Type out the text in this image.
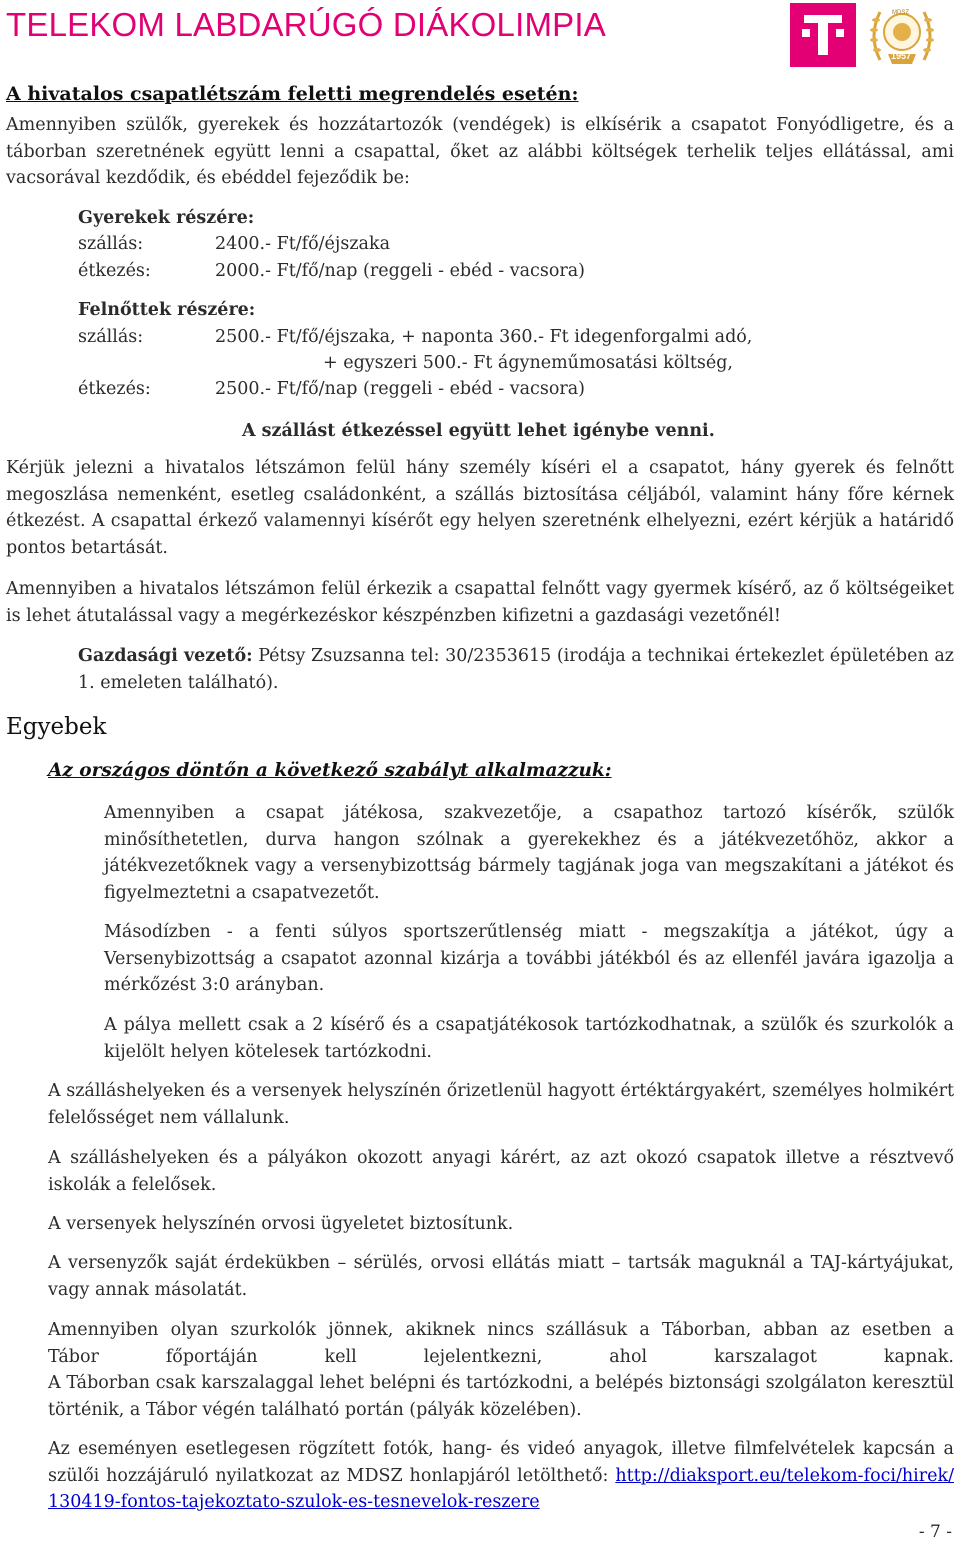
TELEKOM LABDARÚGÓ DIÁKOLIMPIA
1957
MDSZ
A hivatalos csapatlétszám feletti megrendelés esetén:

Amennyiben szülők, gyerekek és hozzátartozók (vendégek) is elkísérik a csapatot Fonyódligetre, és a táborban szeretnének együtt lenni a csapattal, őket az alábbi költségek terhelik teljes ellátással, ami vacsorával kezdődik, és ebéddel fejeződik be:

Gyerekek részére:
szállás:	2400.- Ft/fő/éjszaka
étkezés:	2000.- Ft/fő/nap (reggeli - ebéd - vacsora)
Felnőttek részére:
szállás:	2500.- Ft/fő/éjszaka, + naponta 360.- Ft idegenforgalmi adó,
+ egyszeri 500.- Ft ágyneműmosatási költség,
étkezés:	2500.- Ft/fő/nap (reggeli - ebéd - vacsora)
A szállást étkezéssel együtt lehet igénybe venni.

Kérjük jelezni a hivatalos létszámon felül hány személy kíséri el a csapatot, hány gyerek és felnőtt megoszlása nemenként, esetleg családonként, a szállás biztosítása céljából, valamint hány főre kérnek étkezést. A csapattal érkező valamennyi kísérőt egy helyen szeretnénk elhelyezni, ezért kérjük a határidő pontos betartását.

Amennyiben a hivatalos létszámon felül érkezik a csapattal felnőtt vagy gyermek kísérő, az ő költségeiket is lehet átutalással vagy a megérkezéskor készpénzben kifizetni a gazdasági vezetőnél!

Gazdasági vezető: Pétsy Zsuzsanna tel: 30/2353615 (irodája a technikai értekezlet épületében az 1. emeleten található).

Egyebek
Az országos döntőn a következő szabályt alkalmazzuk:

Amennyiben a csapat játékosa, szakvezetője, a csapathoz tartozó kísérők, szülők minősíthetetlen, durva hangon szólnak a gyerekekhez és a játékvezetőhöz, akkor a játékvezetőknek vagy a versenybizottság bármely tagjának joga van megszakítani a játékot és figyelmeztetni a csapatvezetőt.

Másodízben - a fenti súlyos sportszerűtlenség miatt - megszakítja a játékot, úgy a Versenybizottság a csapatot azonnal kizárja a további játékból és az ellenfél javára igazolja a mérkőzést 3:0 arányban.

A pálya mellett csak a 2 kísérő és a csapatjátékosok tartózkodhatnak, a szülők és szurkolók a kijelölt helyen kötelesek tartózkodni.

A szálláshelyeken és a versenyek helyszínén őrizetlenül hagyott értéktárgyakért, személyes holmikért felelősséget nem vállalunk.

A szálláshelyeken és a pályákon okozott anyagi kárért, az azt okozó csapatok illetve a résztvevő iskolák a felelősek.

A versenyek helyszínén orvosi ügyeletet biztosítunk.

A versenyzők saját érdekükben – sérülés, orvosi ellátás miatt – tartsák maguknál a TAJ-kártyájukat, vagy annak másolatát.

Amennyiben olyan szurkolók jönnek, akiknek nincs szállásuk a Táborban, abban az esetben a
Tábor főportáján kell lejelentkezni, ahol karszalagot kapnak.
A Táborban csak karszalaggal lehet belépni és tartózkodni, a belépés biztonsági szolgálaton keresztül történik, a Tábor végén található portán (pályák közelében).

Az eseményen esetlegesen rögzített fotók, hang- és videó anyagok, illetve filmfelvételek kapcsán a szülői hozzájáruló nyilatkozat az MDSZ honlapjáról letölthető: http://diaksport.eu/telekom-foci/hirek/130419-fontos-tajekoztato-szulok-es-tesnevelok-reszere

- 7 -
